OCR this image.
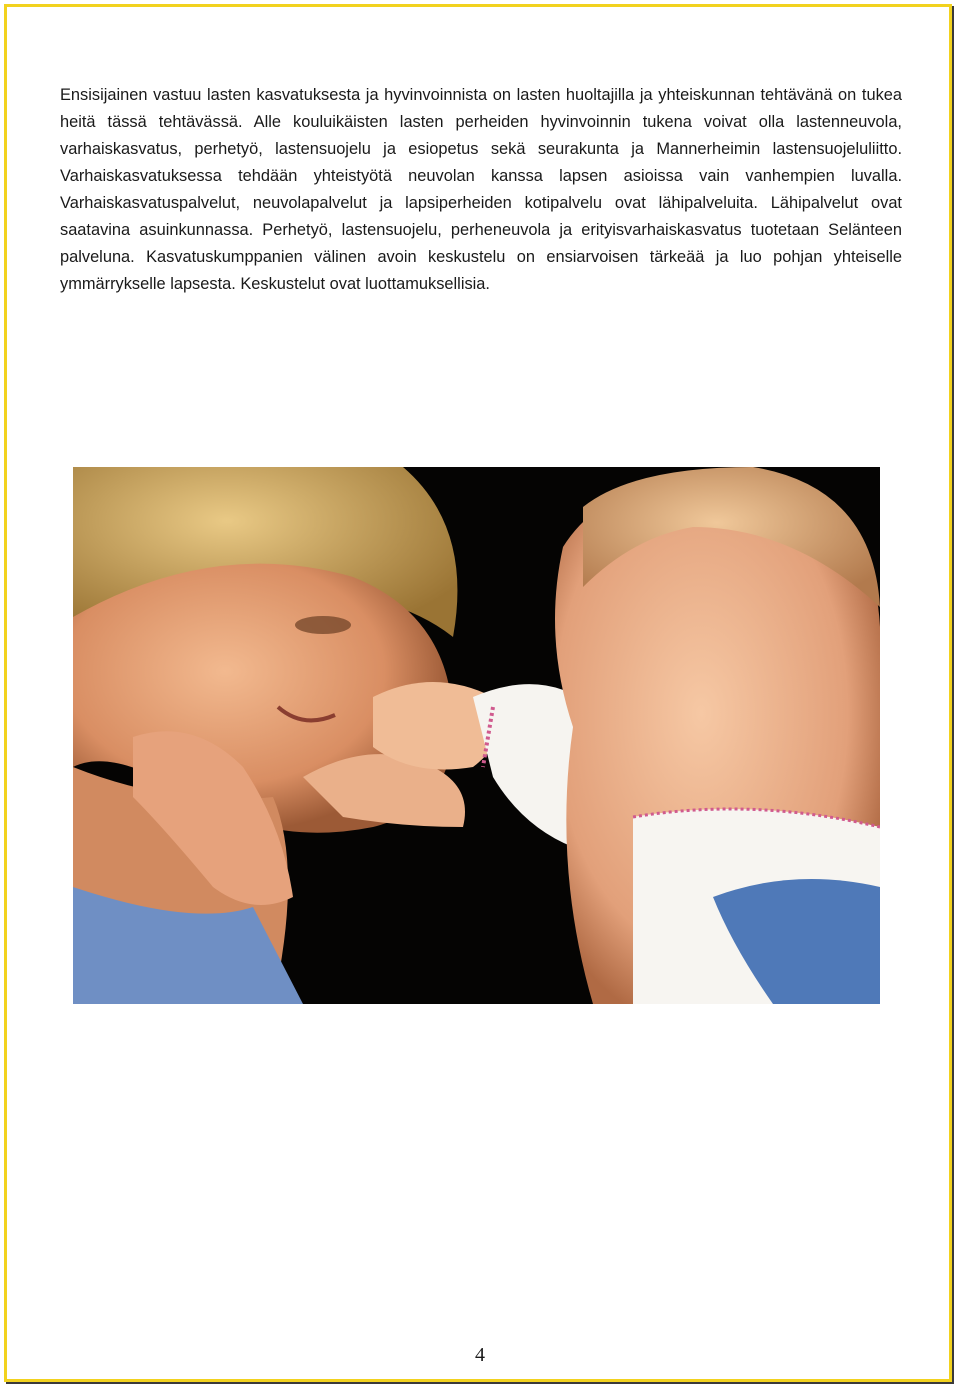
Ensisijainen vastuu lasten kasvatuksesta ja hyvinvoinnista on lasten huoltajilla ja yhteiskunnan tehtävänä on tukea heitä tässä tehtävässä. Alle kouluikäisten lasten perheiden hyvinvoinnin tukena voivat olla lastenneuvola, varhaiskasvatus, perhetyö, lastensuojelu ja esiopetus sekä seurakunta ja Mannerheimin lastensuojeluliitto. Varhaiskasvatuksessa tehdään yhteistyötä neuvolan kanssa lapsen asioissa vain vanhempien luvalla. Varhaiskasvatuspalvelut, neuvolapalvelut ja lapsiperheiden kotipalvelu ovat lähipalveluita. Lähipalvelut ovat saatavina asuinkunnassa. Perhetyö, lastensuojelu, perheneuvola ja erityisvarhaiskasvatus tuotetaan Selänteen palveluna. Kasvatuskumppanien välinen avoin keskustelu on ensiarvoisen tärkeää ja luo pohjan yhteiselle ymmärrykselle lapsesta. Keskustelut ovat luottamuksellisia.

4
